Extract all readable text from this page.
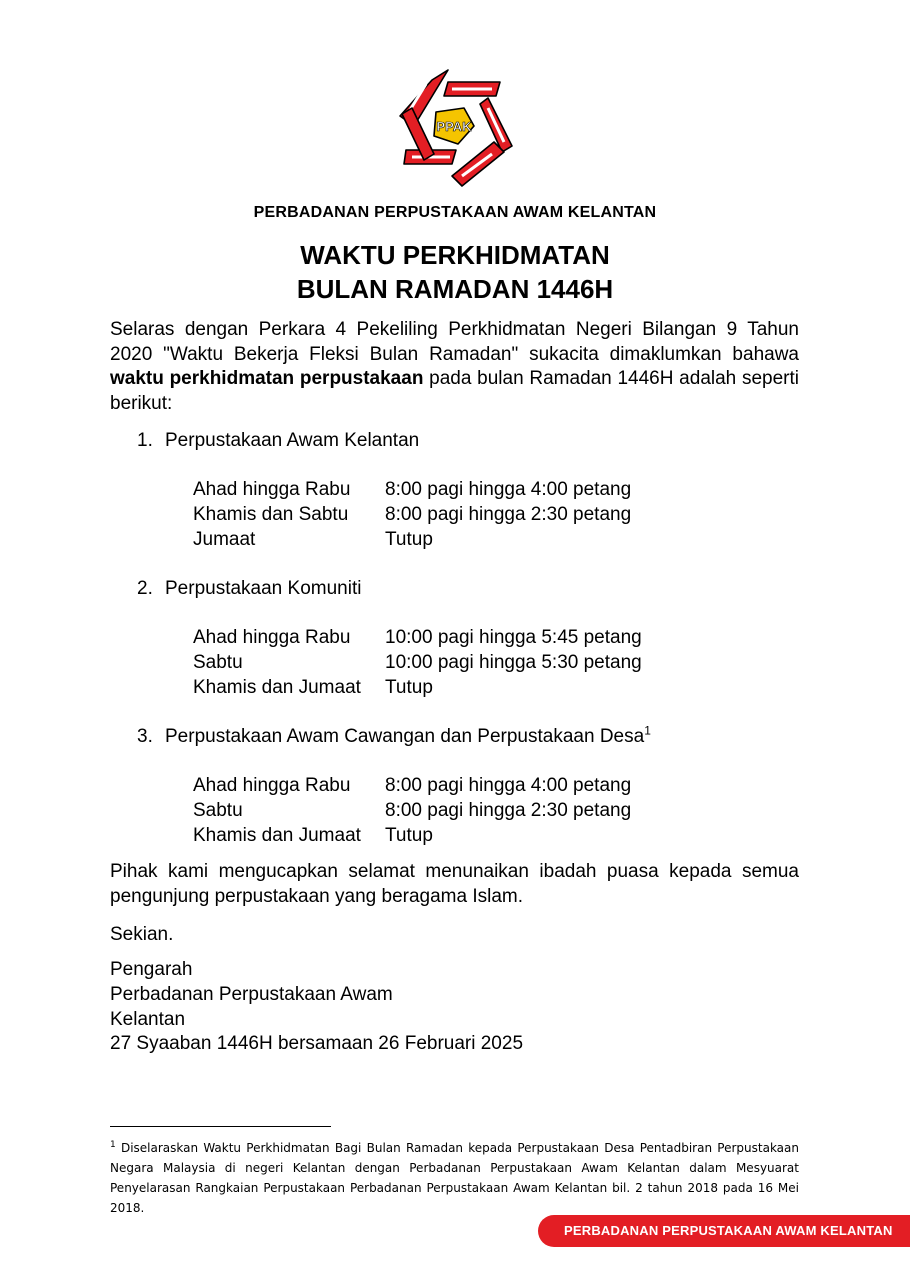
PPAK
PERBADANAN PERPUSTAKAAN AWAM KELANTAN
WAKTU PERKHIDMATAN
BULAN RAMADAN 1446H

Selaras dengan Perkara 4 Pekeliling Perkhidmatan Negeri Bilangan 9 Tahun 2020 "Waktu Bekerja Fleksi Bulan Ramadan" sukacita dimaklumkan bahawa waktu perkhidmatan perpustakaan pada bulan Ramadan 1446H adalah seperti berikut:

1. Perpustakaan Awam Kelantan
Ahad hingga Rabu	8:00 pagi hingga 4:00 petang
Khamis dan Sabtu	8:00 pagi hingga 2:30 petang
Jumaat	Tutup
2. Perpustakaan Komuniti
Ahad hingga Rabu	10:00 pagi hingga 5:45 petang
Sabtu	10:00 pagi hingga 5:30 petang
Khamis dan Jumaat	Tutup
3. Perpustakaan Awam Cawangan dan Perpustakaan Desa$^1$
Ahad hingga Rabu	8:00 pagi hingga 4:00 petang
Sabtu	8:00 pagi hingga 2:30 petang
Khamis dan Jumaat	Tutup

Pihak kami mengucapkan selamat menunaikan ibadah puasa kepada semua pengunjung perpustakaan yang beragama Islam.

Sekian.
Pengarah
Perbadanan Perpustakaan Awam
Kelantan
27 Syaaban 1446H bersamaan 26 Februari 2025

$^1$ Diselaraskan Waktu Perkhidmatan Bagi Bulan Ramadan kepada Perpustakaan Desa Pentadbiran Perpustakaan Negara Malaysia di negeri Kelantan dengan Perbadanan Perpustakaan Awam Kelantan dalam Mesyuarat Penyelarasan Rangkaian Perpustakaan Perbadanan Perpustakaan Awam Kelantan bil. 2 tahun 2018 pada 16 Mei 2018.

PERBADANAN PERPUSTAKAAN AWAM KELANTAN
